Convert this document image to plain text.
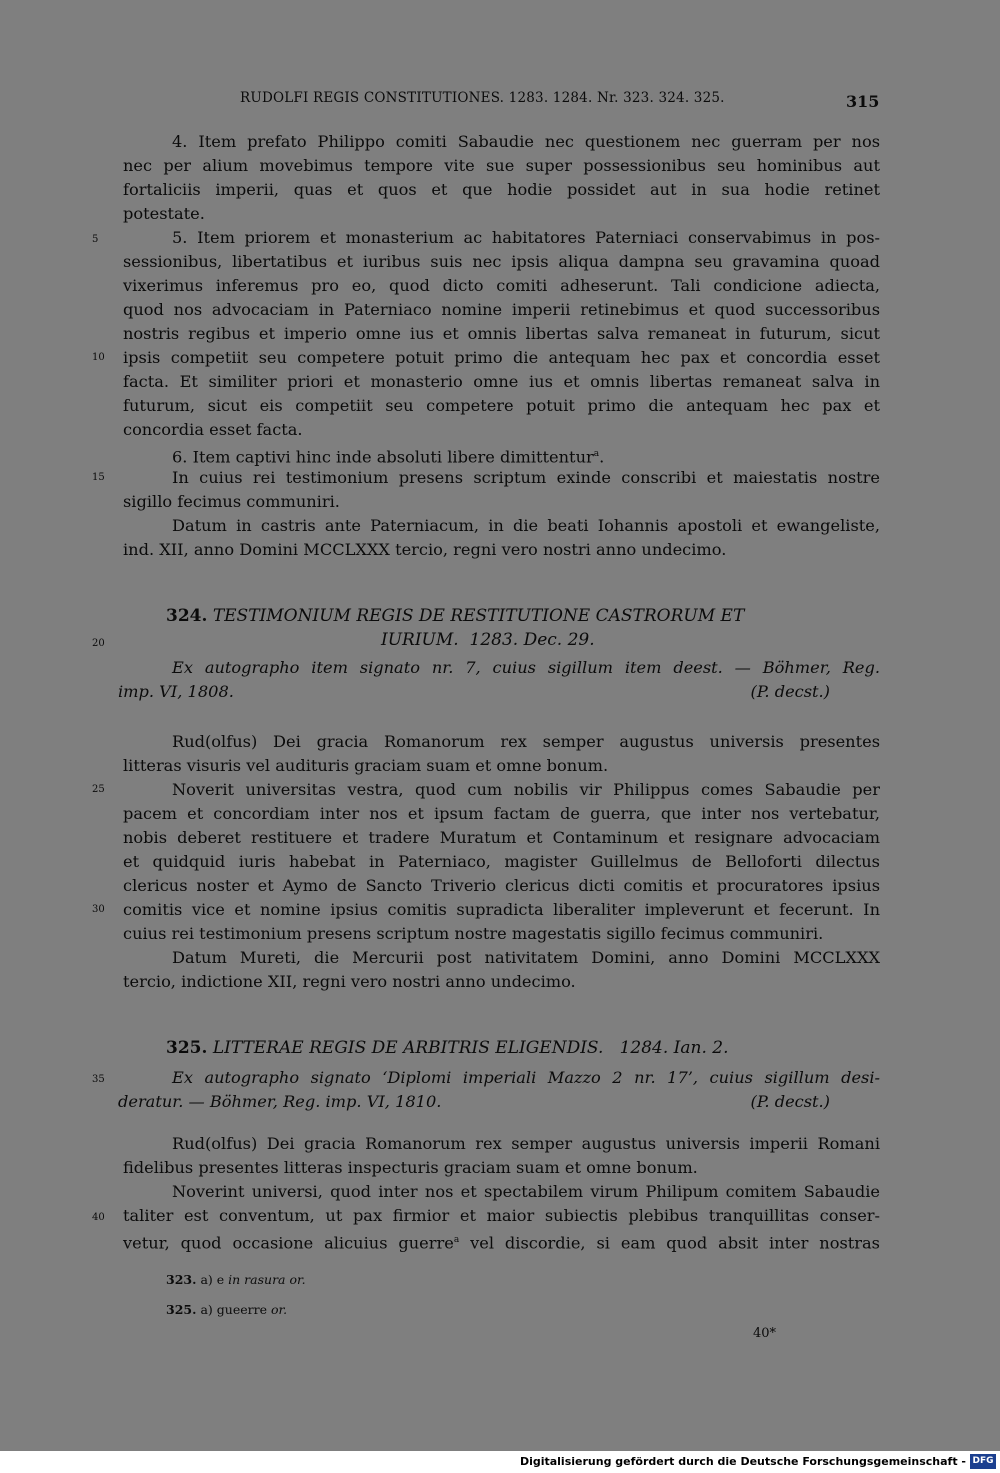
RUDOLFI REGIS CONSTITUTIONES. 1283. 1284. Nr. 323. 324. 325.	315
4. Item prefato Philippo comiti Sabaudie nec questionem nec guerram per nos
nec per alium movebimus tempore vite sue super possessionibus seu hominibus aut
fortaliciis imperii, quas et quos et que hodie possidet aut in sua hodie retinet
potestate.
5	5. Item priorem et monasterium ac habitatores Paterniaci conservabimus in pos-
sessionibus, libertatibus et iuribus suis nec ipsis aliqua dampna seu gravamina quoad
vixerimus inferemus pro eo, quod dicto comiti adheserunt. Tali condicione adiecta,
quod nos advocaciam in Paterniaco nomine imperii retinebimus et quod successoribus
nostris regibus et imperio omne ius et omnis libertas salva remaneat in futurum, sicut
10	ipsis competiit seu competere potuit primo die antequam hec pax et concordia esset
facta. Et similiter priori et monasterio omne ius et omnis libertas remaneat salva in
futurum, sicut eis competiit seu competere potuit primo die antequam hec pax et
concordia esset facta.
6. Item captivi hinc inde absoluti libere dimittentur$^a$.
15	In cuius rei testimonium presens scriptum exinde conscribi et maiestatis nostre
sigillo fecimus communiri.
Datum in castris ante Paterniacum, in die beati Iohannis apostoli et ewangeliste,
ind. XII, anno Domini MCCLXXX tercio, regni vero nostri anno undecimo.
324. TESTIMONIUM REGIS DE RESTITUTIONE CASTRORUM ET
20	IURIUM. 1283. Dec. 29.
Ex autographo item signato nr. 7, cuius sigillum item deest. — Böhmer, Reg.
imp. VI, 1808.	(P. decst.)
Rud(olfus) Dei gracia Romanorum rex semper augustus universis presentes
litteras visuris vel audituris graciam suam et omne bonum.
25	Noverit universitas vestra, quod cum nobilis vir Philippus comes Sabaudie per
pacem et concordiam inter nos et ipsum factam de guerra, que inter nos vertebatur,
nobis deberet restituere et tradere Muratum et Contaminum et resignare advocaciam
et quidquid iuris habebat in Paterniaco, magister Guillelmus de Belloforti dilectus
clericus noster et Aymo de Sancto Triverio clericus dicti comitis et procuratores ipsius
30	comitis vice et nomine ipsius comitis supradicta liberaliter impleverunt et fecerunt. In
cuius rei testimonium presens scriptum nostre magestatis sigillo fecimus communiri.
Datum Mureti, die Mercurii post nativitatem Domini, anno Domini MCCLXXX
tercio, indictione XII, regni vero nostri anno undecimo.
325. LITTERAE REGIS DE ARBITRIS ELIGENDIS. 1284. Ian. 2.
35	Ex autographo signato ‘Diplomi imperiali Mazzo 2 nr. 17’, cuius sigillum desi-
deratur. — Böhmer, Reg. imp. VI, 1810.	(P. decst.)
Rud(olfus) Dei gracia Romanorum rex semper augustus universis imperii Romani
fidelibus presentes litteras inspecturis graciam suam et omne bonum.
Noverint universi, quod inter nos et spectabilem virum Philipum comitem Sabaudie
40	taliter est conventum, ut pax firmior et maior subiectis plebibus tranquillitas conser-
vetur, quod occasione alicuius guerre$^a$ vel discordie, si eam quod absit inter nostras
323. a) e in rasura or.
325. a) gueerre or.
40*
Digitalisierung gefördert durch die Deutsche Forschungsgemeinschaft - DFG
